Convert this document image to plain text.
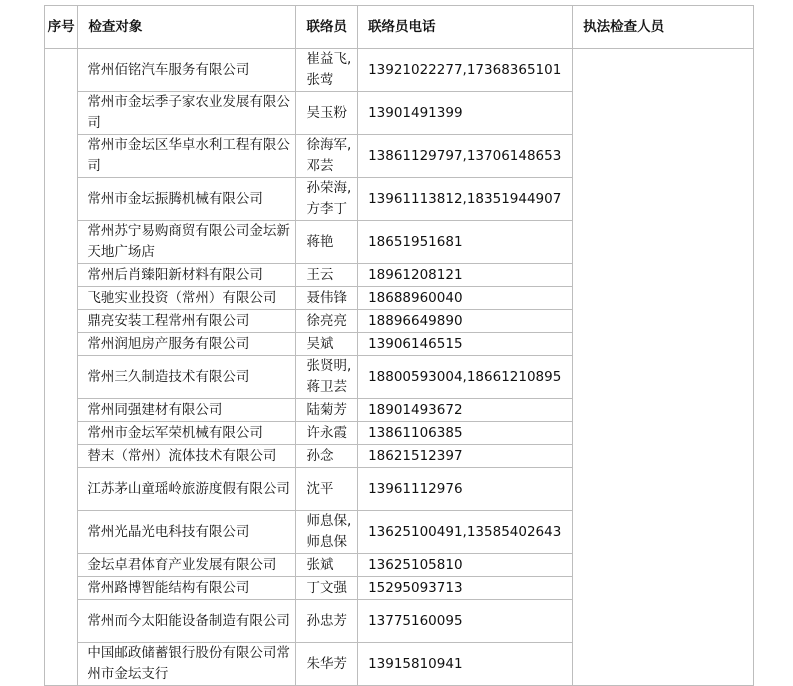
序号	检查对象	联络员	联络员电话	执法检查人员
	常州佰铭汽车服务有限公司	崔益飞,张莺	13921022277,17368365101	
	常州市金坛季子家农业发展有限公司	吴玉粉	13901491399	
	常州市金坛区华卓水利工程有限公司	徐海军,邓芸	13861129797,13706148653	
	常州市金坛振腾机械有限公司	孙荣海,方李丁	13961113812,18351944907	
	常州苏宁易购商贸有限公司金坛新天地广场店	蒋艳	18651951681	
	常州后肖臻阳新材料有限公司	王云	18961208121	
	飞驰实业投资（常州）有限公司	聂伟锋	18688960040	
	鼎亮安装工程常州有限公司	徐亮亮	18896649890	
	常州润旭房产服务有限公司	吴斌	13906146515	
	常州三久制造技术有限公司	张贤明,蒋卫芸	18800593004,18661210895	
	常州同强建材有限公司	陆菊芳	18901493672	
	常州市金坛军荣机械有限公司	许永霞	13861106385	
	替末（常州）流体技术有限公司	孙念	18621512397	
	江苏茅山童瑶岭旅游度假有限公司	沈平	13961112976	
	常州光晶光电科技有限公司	师息保,师息保	13625100491,13585402643	
	金坛卓君体育产业发展有限公司	张斌	13625105810	
	常州路博智能结构有限公司	丁文强	15295093713	
	常州而今太阳能设备制造有限公司	孙忠芳	13775160095	
	中国邮政储蓄银行股份有限公司常州市金坛支行	朱华芳	13915810941	
